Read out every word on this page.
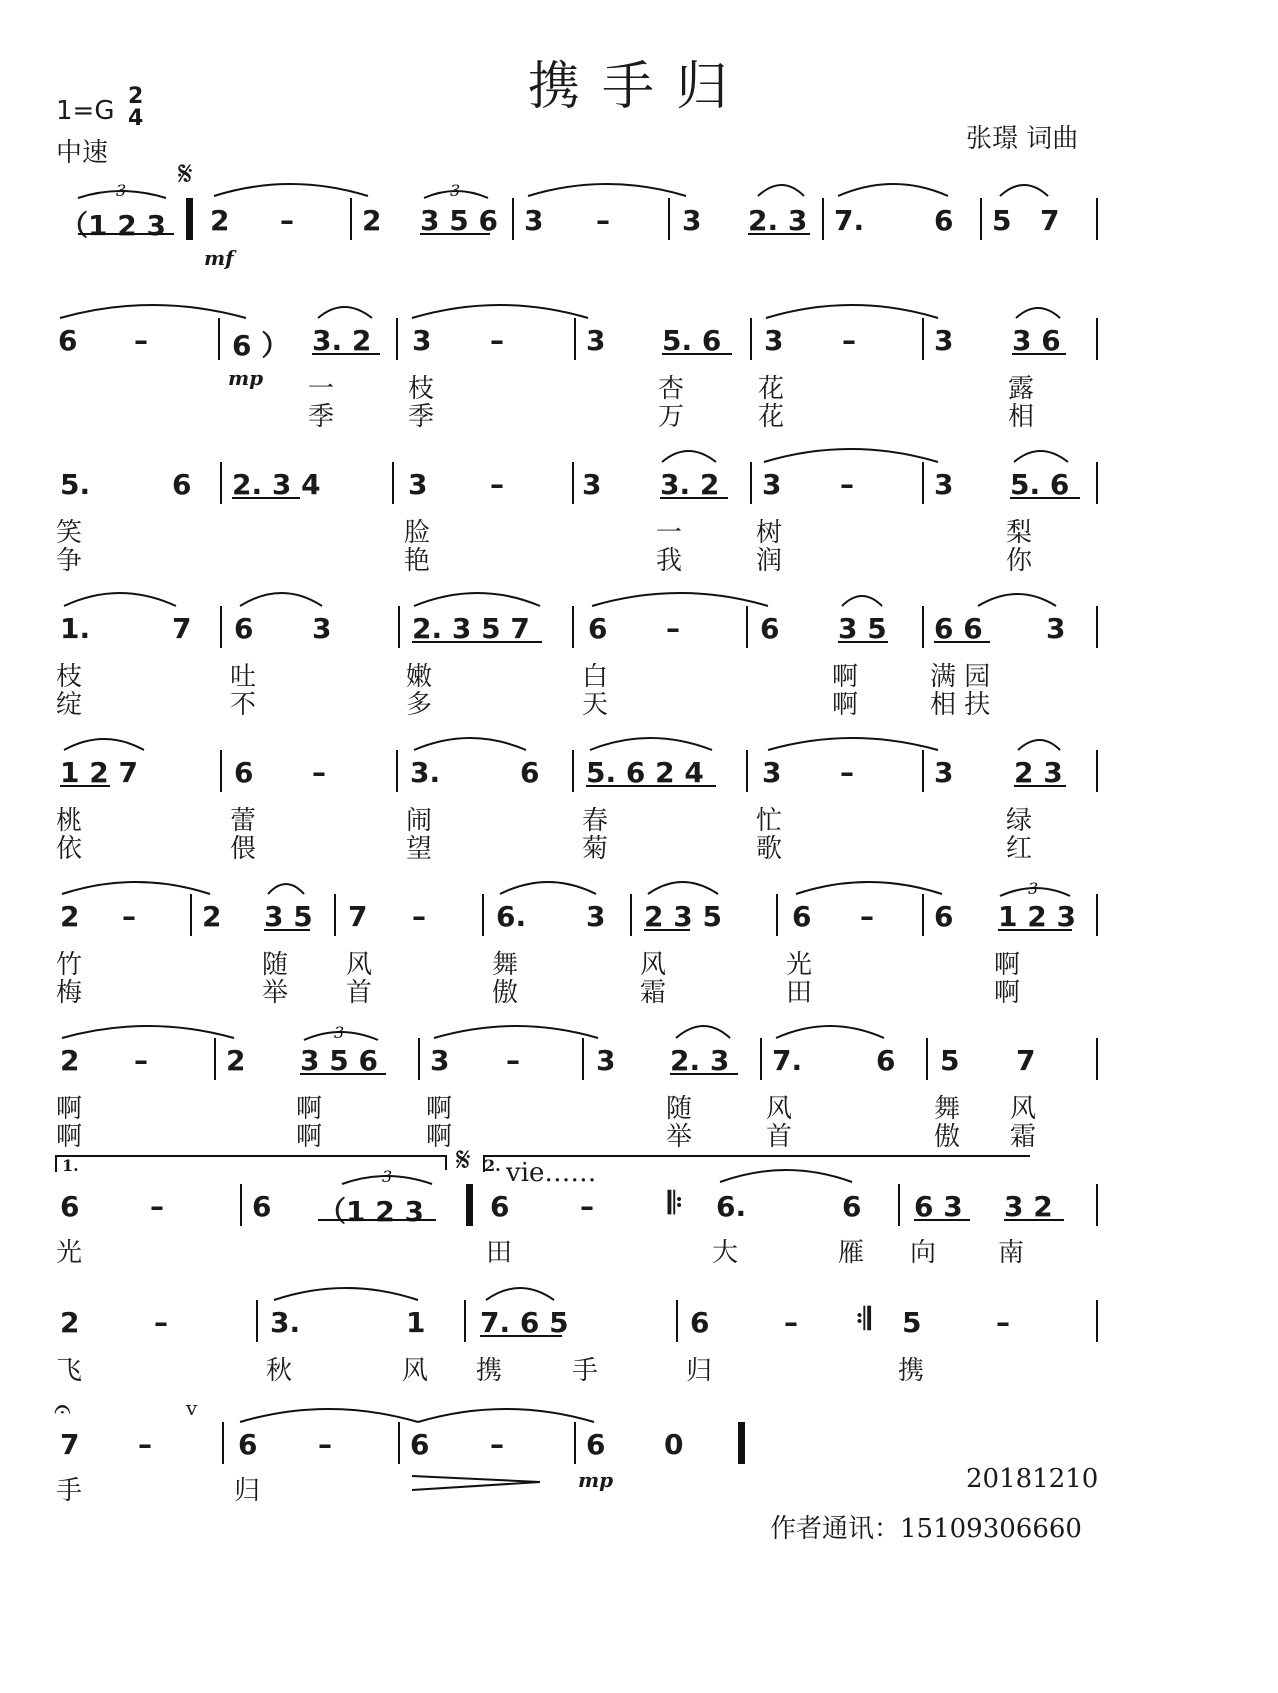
携手归
1=G 2
4
中速	张璟 词曲
𝄋
mf
mp
𝄋 2. vie……
1.
𝄐	v
mp	20181210
作者通讯：15109306660
（1 2 3 2 – 2 3 5 6 3 –	3 2. 3 7. 6 5 7
6 –	6 ） 3. 2 3 –	3 5. 6 3 –	3 3 6
一	枝	杏	花	露
季	季	万	花	相
5.	6 2. 3 4	3 –	3 3. 2 3 –	3 5. 6
笑	脸	一	树	梨
争	艳	我	润	你
1.	7 6 3	2. 3 5 7 6 –	6 3 5 6 6 3
枝	吐	嫩	白	啊	满 园
绽	不	多	天	啊	相 扶
1 2 7	6 –	3.	6 5. 6 2 4 3 –	3 2 3
桃	蕾	闹	春	忙	绿
依	偎	望	菊	歌	红
2 – 2 3 5 7 –	6. 3 2 3 5	6 – 6 1 2 3
竹	随 风	舞	风	光	啊
梅	举 首	傲	霜	田	啊
2 –	2 3 5 6 3 –	3 2. 3 7.	6 5 7
啊	啊	啊	随	风	舞 风
啊	啊	啊	举	首	傲 霜
6	–	6 （1 2 3 6	– 𝄆 6.	6 6 3 3 2
光	田	大	雁 向 南
2	–	3.	1 7. 6 5	6	– 𝄇 5	–
飞	秋	风 携	手	归	携
7 –	6 –	6 –	6 0
手	归
3	3
3
3
3
